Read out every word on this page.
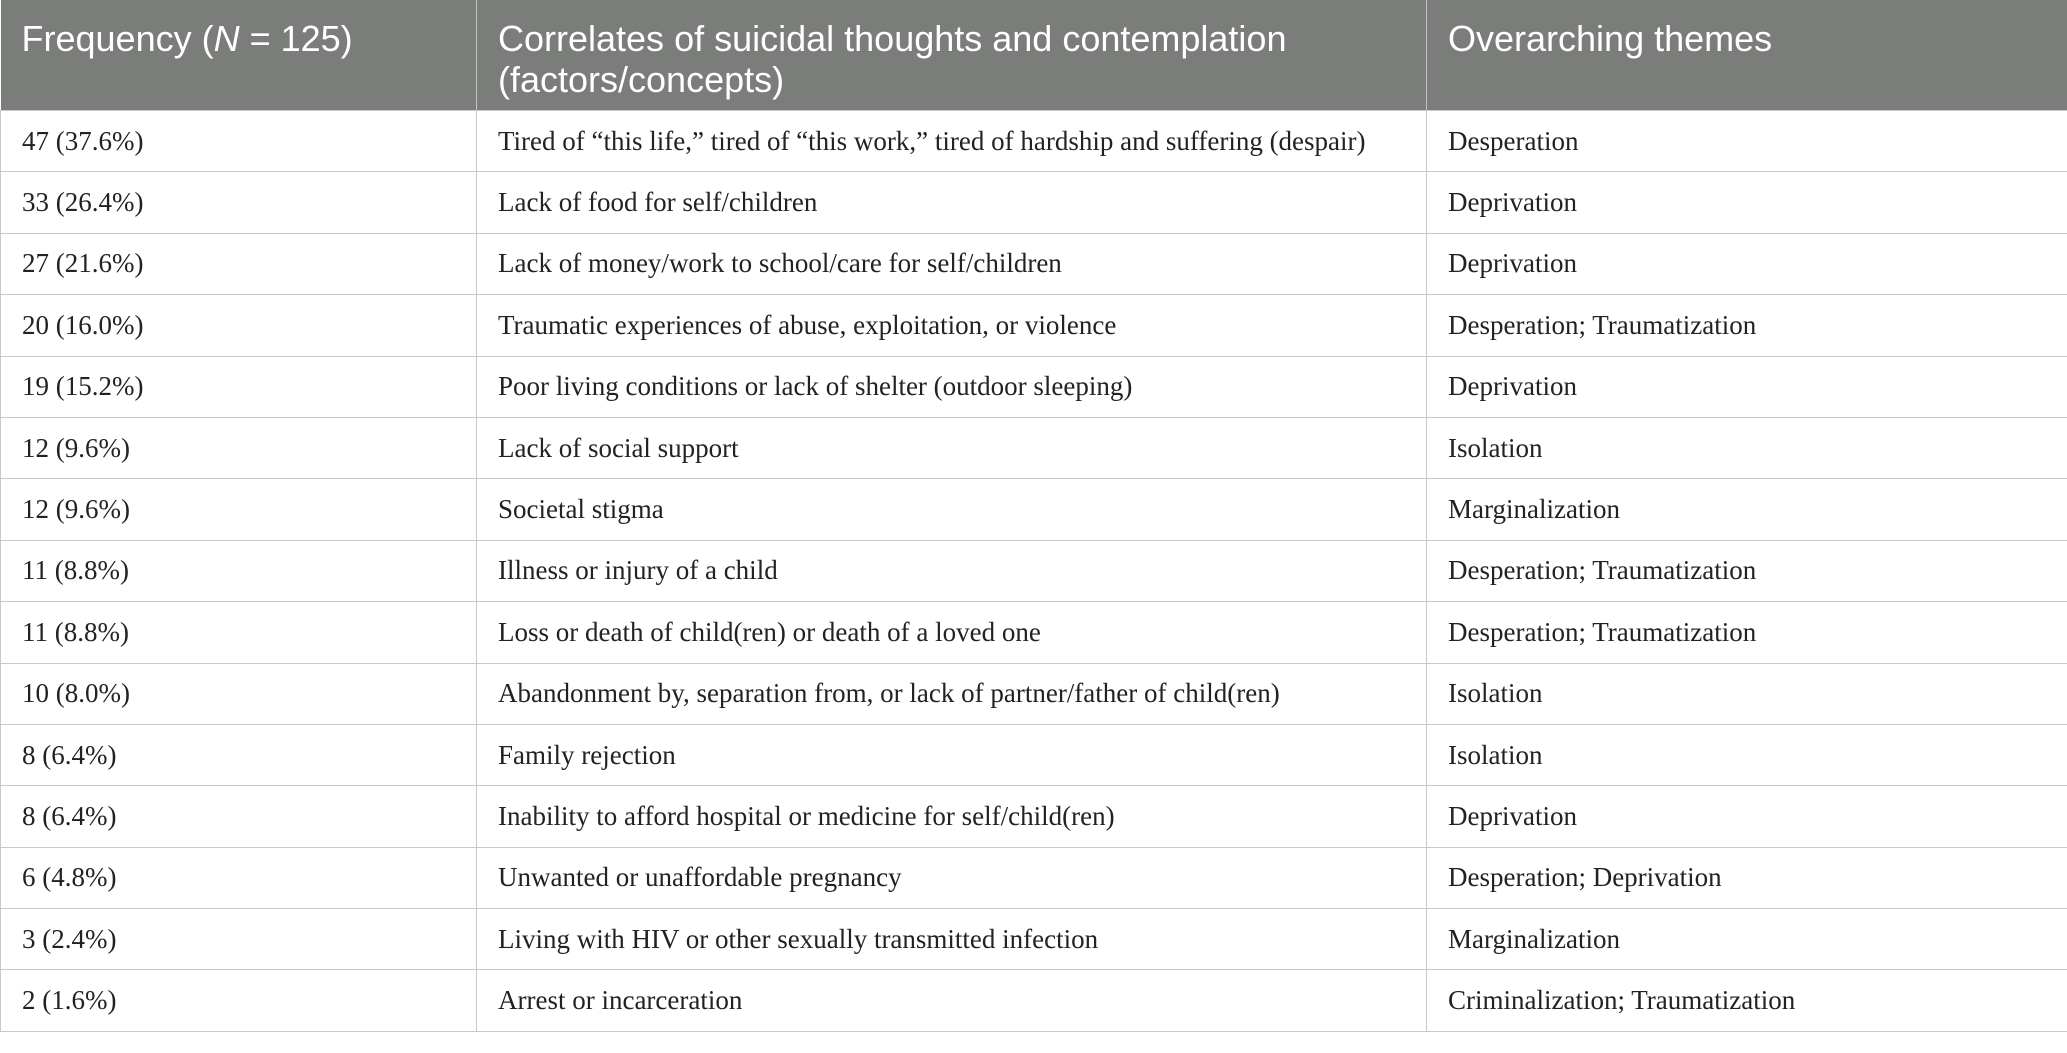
Frequency (N = 125)	Correlates of suicidal thoughts and contemplation (factors/concepts)	Overarching themes
47 (37.6%)	Tired of “this life,” tired of “this work,” tired of hardship and suffering (despair)	Desperation
33 (26.4%)	Lack of food for self/children	Deprivation
27 (21.6%)	Lack of money/work to school/care for self/children	Deprivation
20 (16.0%)	Traumatic experiences of abuse, exploitation, or violence	Desperation; Traumatization
19 (15.2%)	Poor living conditions or lack of shelter (outdoor sleeping)	Deprivation
12 (9.6%)	Lack of social support	Isolation
12 (9.6%)	Societal stigma	Marginalization
11 (8.8%)	Illness or injury of a child	Desperation; Traumatization
11 (8.8%)	Loss or death of child(ren) or death of a loved one	Desperation; Traumatization
10 (8.0%)	Abandonment by, separation from, or lack of partner/father of child(ren)	Isolation
8 (6.4%)	Family rejection	Isolation
8 (6.4%)	Inability to afford hospital or medicine for self/child(ren)	Deprivation
6 (4.8%)	Unwanted or unaffordable pregnancy	Desperation; Deprivation
3 (2.4%)	Living with HIV or other sexually transmitted infection	Marginalization
2 (1.6%)	Arrest or incarceration	Criminalization; Traumatization
